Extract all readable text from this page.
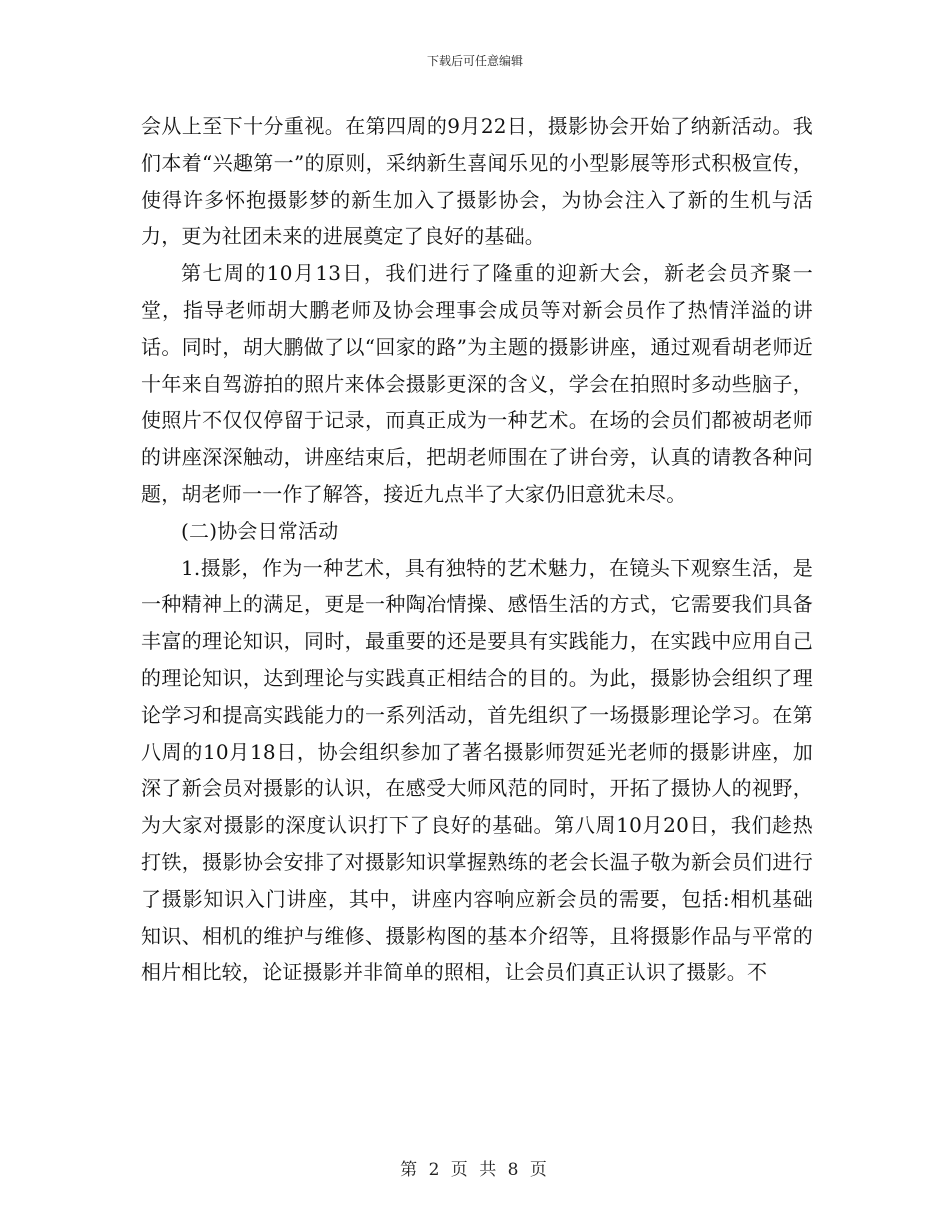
下载后可任意编辑

会从上至下十分重视。在第四周的9月22日，摄影协会开始了纳新活动。我们本着“兴趣第一”的原则，采纳新生喜闻乐见的小型影展等形式积极宣传，使得许多怀抱摄影梦的新生加入了摄影协会，为协会注入了新的生机与活力，更为社团未来的进展奠定了良好的基础。

第七周的10月13日，我们进行了隆重的迎新大会，新老会员齐聚一堂，指导老师胡大鹏老师及协会理事会成员等对新会员作了热情洋溢的讲话。同时，胡大鹏做了以“回家的路”为主题的摄影讲座，通过观看胡老师近十年来自驾游拍的照片来体会摄影更深的含义，学会在拍照时多动些脑子，使照片不仅仅停留于记录，而真正成为一种艺术。在场的会员们都被胡老师的讲座深深触动，讲座结束后，把胡老师围在了讲台旁，认真的请教各种问题，胡老师一一作了解答，接近九点半了大家仍旧意犹未尽。

(二)协会日常活动

1.摄影，作为一种艺术，具有独特的艺术魅力，在镜头下观察生活，是一种精神上的满足，更是一种陶冶情操、感悟生活的方式，它需要我们具备丰富的理论知识，同时，最重要的还是要具有实践能力，在实践中应用自己的理论知识，达到理论与实践真正相结合的目的。为此，摄影协会组织了理论学习和提高实践能力的一系列活动，首先组织了一场摄影理论学习。在第八周的10月18日，协会组织参加了著名摄影师贺延光老师的摄影讲座，加深了新会员对摄影的认识，在感受大师风范的同时，开拓了摄协人的视野，为大家对摄影的深度认识打下了良好的基础。第八周10月20日，我们趁热打铁，摄影协会安排了对摄影知识掌握熟练的老会长温子敬为新会员们进行了摄影知识入门讲座，其中，讲座内容响应新会员的需要，包括:相机基础知识、相机的维护与维修、摄影构图的基本介绍等，且将摄影作品与平常的相片相比较，论证摄影并非简单的照相，让会员们真正认识了摄影。不

第 2 页 共 8 页
